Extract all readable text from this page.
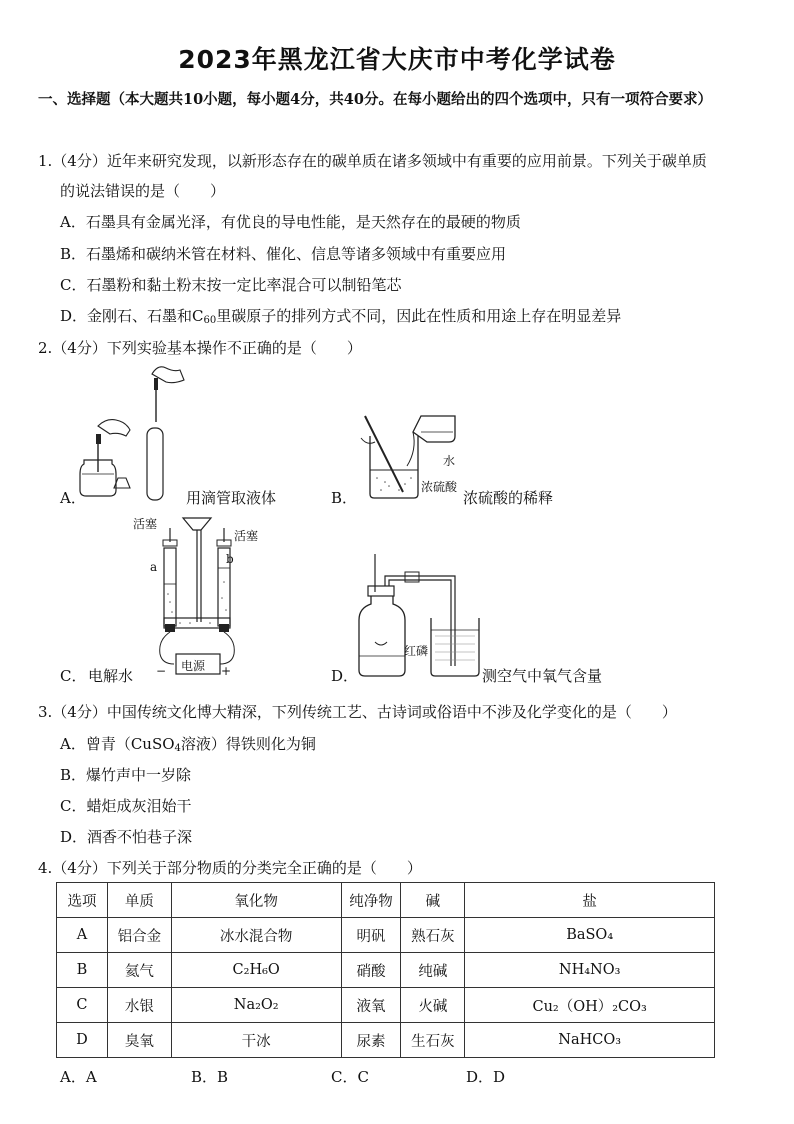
2023年黑龙江省大庆市中考化学试卷
一、选择题（本大题共10小题，每小题4分，共40分。在每小题给出的四个选项中，只有一项符合要求）
1.（4分）近年来研究发现，以新形态存在的碳单质在诸多领域中有重要的应用前景。下列关于碳单质
的说法错误的是（　　）
A．石墨具有金属光泽，有优良的导电性能，是天然存在的最硬的物质
B．石墨烯和碳纳米管在材料、催化、信息等诸多领域中有重要应用
C．石墨粉和黏土粉末按一定比率混合可以制铅笔芯
D．金刚石、石墨和$C_{60}$里碳原子的排列方式不同，因此在性质和用途上存在明显差异
2.（4分）下列实验基本操作不正确的是（　　）
A．	用滴管取液体
水
浓硫酸
B．	浓硫酸的稀释
活塞
活塞
a
b
电源
−	+
C． 电解水
红磷
D．	测空气中氧气含量
3.（4分）中国传统文化博大精深，下列传统工艺、古诗词或俗语中不涉及化学变化的是（　　）
A．曾青（CuSO$_4$溶液）得铁则化为铜
B．爆竹声中一岁除
C．蜡炬成灰泪始干
D．酒香不怕巷子深
4.（4分）下列关于部分物质的分类完全正确的是（　　）
选项	单质	氧化物	纯净物	碱	盐
A	铝合金	冰水混合物	明矾	熟石灰	BaSO₄
B	氦气	C₂H₆O	硝酸	纯碱	NH₄NO₃
C	水银	Na₂O₂	液氧	火碱	Cu₂（OH）₂CO₃
D	臭氧	干冰	尿素	生石灰	NaHCO₃
A．A	B．B	C．C	D．D
